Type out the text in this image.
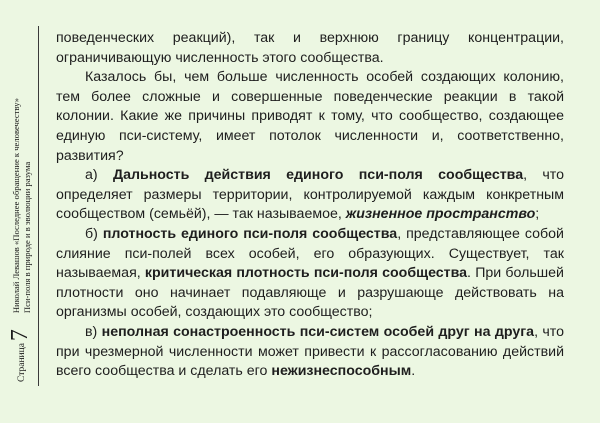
Страница
7
Николай Левашов «Последнее обращение к человечеству» Пси-поля в природе и в эволюции разума

поведенческих реакций), так и верхнюю границу концентрации, ограничивающую численность этого сообщества.

Казалось бы, чем больше численность особей создающих колонию, тем более сложные и совершенные поведенческие реакции в такой колонии. Какие же причины приводят к тому, что сообщество, создающее единую пси-систему, имеет потолок численности и, соответственно, развития?

а) Дальность действия единого пси-поля сообщества, что определяет размеры территории, контролируемой каждым конкретным сообществом (семьёй), — так называемое, жизненное пространство;

б) плотность единого пси-поля сообщества, представляющее собой слияние пси-полей всех особей, его образующих. Существует, так называемая, критическая плотность пси-поля сообщества. При большей плотности оно начинает подавляюще и разрушающе действовать на организмы особей, создающих это сообщество;

в) неполная сонастроенность пси-систем особей друг на друга, что при чрезмерной численности может привести к рассогласованию действий всего сообщества и сделать его нежизнеспособным.
